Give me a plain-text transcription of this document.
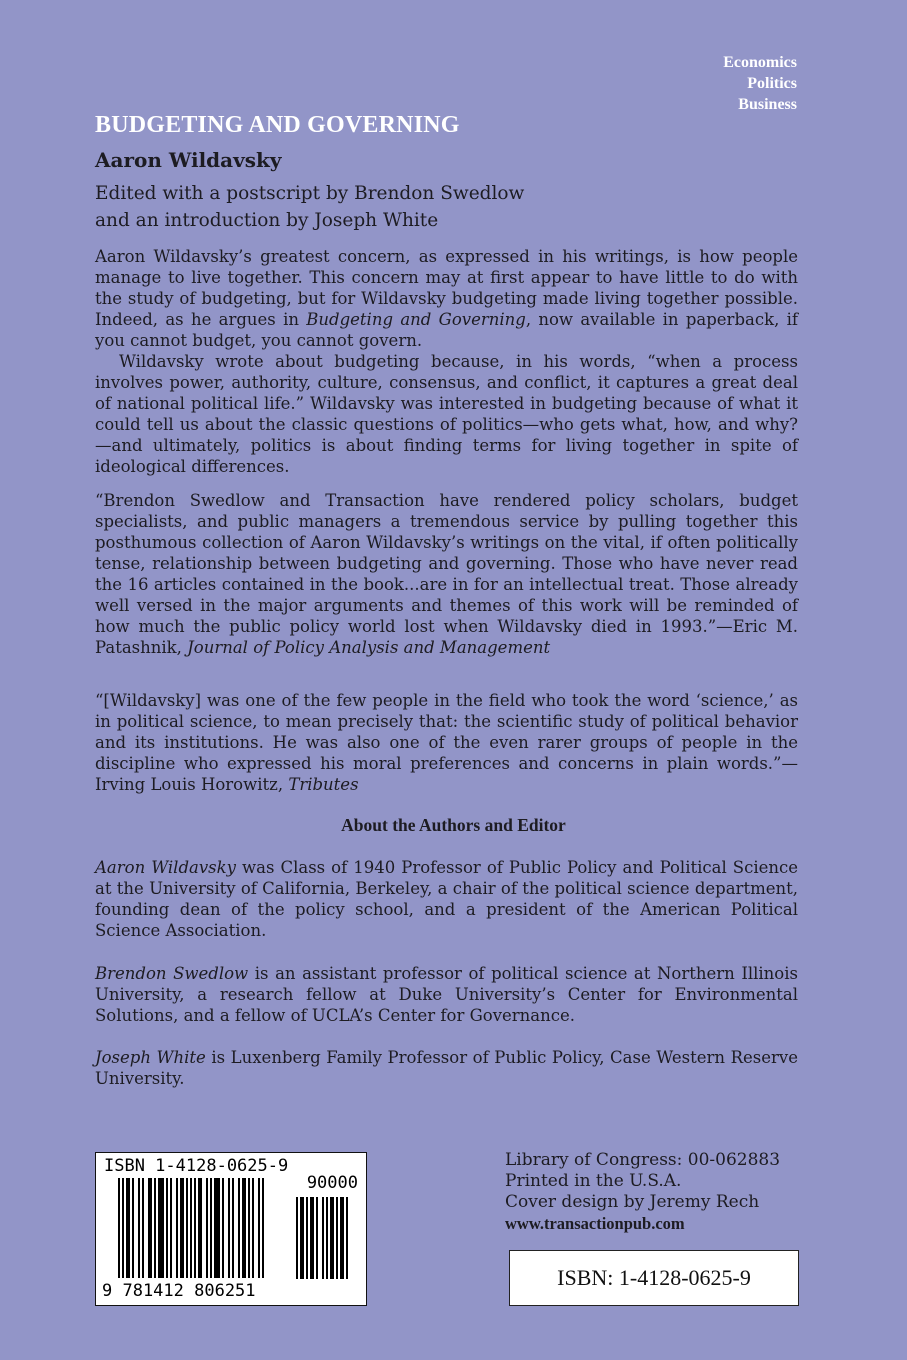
Economics
Politics
Business
BUDGETING AND GOVERNING
Aaron Wildavsky
Edited with a postscript by Brendon Swedlow
and an introduction by Joseph White

Aaron Wildavsky’s greatest concern, as expressed in his writings, is how people manage to live together. This concern may at first appear to have little to do with the study of budgeting, but for Wildavsky budgeting made living together possible. Indeed, as he argues in Budgeting and Governing, now available in paperback, if you cannot budget, you cannot govern.

Wildavsky wrote about budgeting because, in his words, “when a process involves power, authority, culture, consensus, and conflict, it captures a great deal of national political life.” Wildavsky was interested in budgeting because of what it could tell us about the classic questions of politics—who gets what, how, and why?—and ultimately, politics is about finding terms for living together in spite of ideological differences.

“Brendon Swedlow and Transaction have rendered policy scholars, budget specialists, and public managers a tremendous service by pulling together this posthumous collection of Aaron Wildavsky’s writings on the vital, if often politically tense, relationship between budgeting and governing. Those who have never read the 16 articles contained in the book...are in for an intellectual treat. Those already well versed in the major arguments and themes of this work will be reminded of how much the public policy world lost when Wildavsky died in 1993.”—Eric M. Patashnik, Journal of Policy Analysis and Management

“[Wildavsky] was one of the few people in the field who took the word ‘science,’ as in political science, to mean precisely that: the scientific study of political behavior and its institutions. He was also one of the even rarer groups of people in the discipline who expressed his moral preferences and concerns in plain words.”—Irving Louis Horowitz, Tributes

About the Authors and Editor

Aaron Wildavsky was Class of 1940 Professor of Public Policy and Political Science at the University of California, Berkeley, a chair of the political science department, founding dean of the policy school, and a president of the American Political Science Association.

Brendon Swedlow is an assistant professor of political science at Northern Illinois University, a research fellow at Duke University’s Center for Environmental Solutions, and a fellow of UCLA’s Center for Governance.

Joseph White is Luxenberg Family Professor of Public Policy, Case Western Reserve University.

ISBN 1-4128-0625-9
90000
9 781412 806251
Library of Congress: 00-062883
Printed in the U.S.A.
Cover design by Jeremy Rech
www.transactionpub.com
ISBN: 1-4128-0625-9
